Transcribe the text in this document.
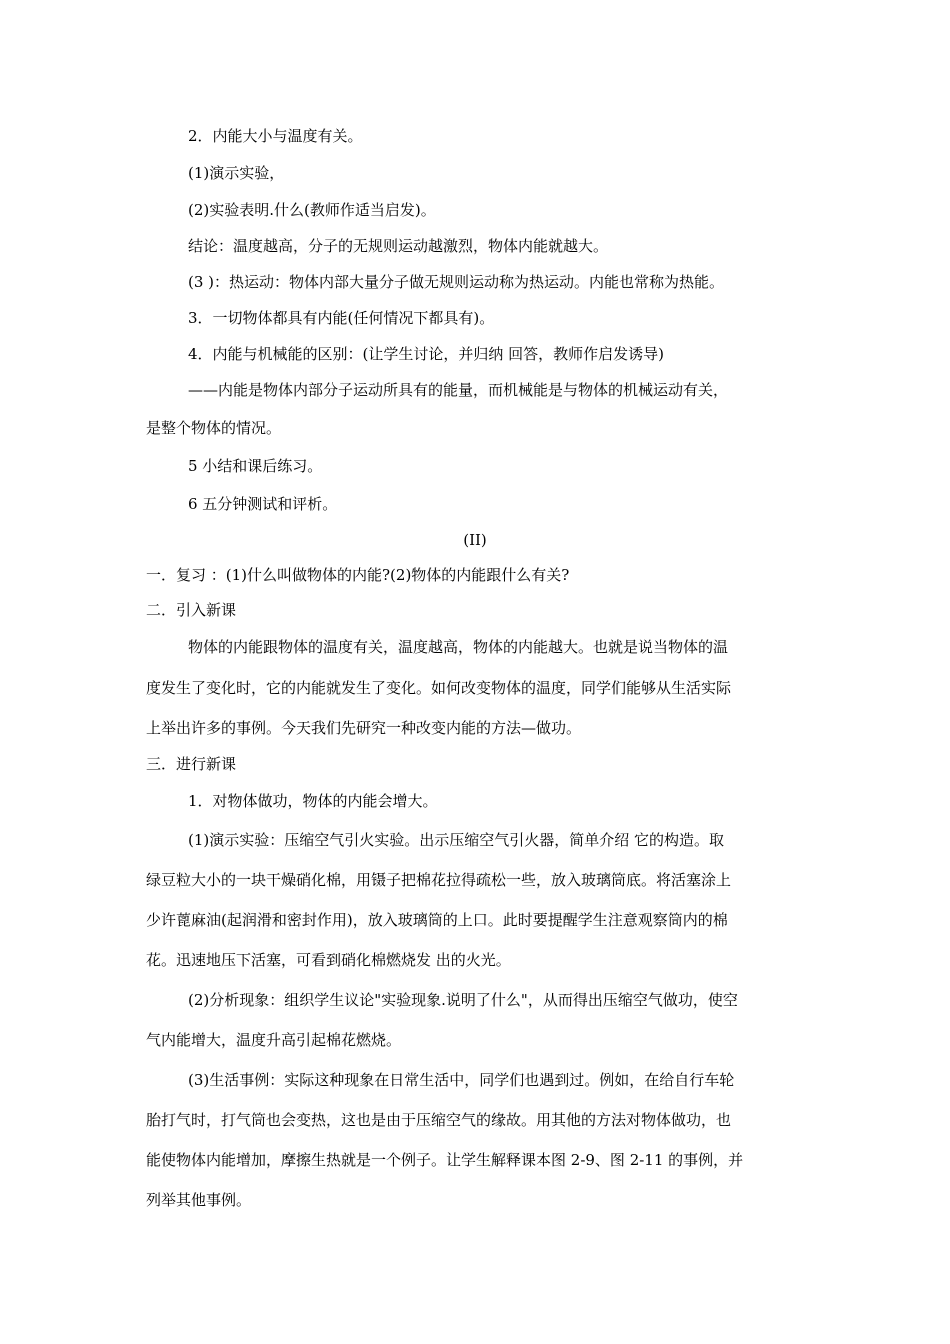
2．内能大小与温度有关。
(1)演示实验，
(2)实验表明.什么(教师作适当启发)。
结论：温度越高，分子的无规则运动越激烈，物体内能就越大。
(3 )：热运动：物体内部大量分子做无规则运动称为热运动。内能也常称为热能。
3．一切物体都具有内能(任何情况下都具有)。
4．内能与机械能的区别：(让学生讨论，并归纳 回答，教师作启发诱导)
——内能是物体内部分子运动所具有的能量，而机械能是与物体的机械运动有关，
是整个物体的情况。
5 小结和课后练习。
6 五分钟测试和评析。
(II)
一．复习 ：(1)什么叫做物体的内能?(2)物体的内能跟什么有关?
二．引入新课
物体的内能跟物体的温度有关，温度越高，物体的内能越大。也就是说当物体的温
度发生了变化时，它的内能就发生了变化。如何改变物体的温度，同学们能够从生活实际
上举出许多的事例。今天我们先研究一种改变内能的方法—做功。
三．进行新课
1．对物体做功，物体的内能会增大。
(1)演示实验：压缩空气引火实验。出示压缩空气引火器，简单介绍 它的构造。取
绿豆粒大小的一块干燥硝化棉，用镊子把棉花拉得疏松一些，放入玻璃筒底。将活塞涂上
少许蓖麻油(起润滑和密封作用)，放入玻璃筒的上口。此时要提醒学生注意观察筒内的棉
花。迅速地压下活塞，可看到硝化棉燃烧发 出的火光。
(2)分析现象：组织学生议论"实验现象.说明了什么"，从而得出压缩空气做功，使空
气内能增大，温度升高引起棉花燃烧。
(3)生活事例：实际这种现象在日常生活中，同学们也遇到过。例如，在给自行车轮
胎打气时，打气筒也会变热，这也是由于压缩空气的缘故。用其他的方法对物体做功，也
能使物体内能增加，摩擦生热就是一个例子。让学生解释课本图 2-9、图 2-11 的事例，并
列举其他事例。
